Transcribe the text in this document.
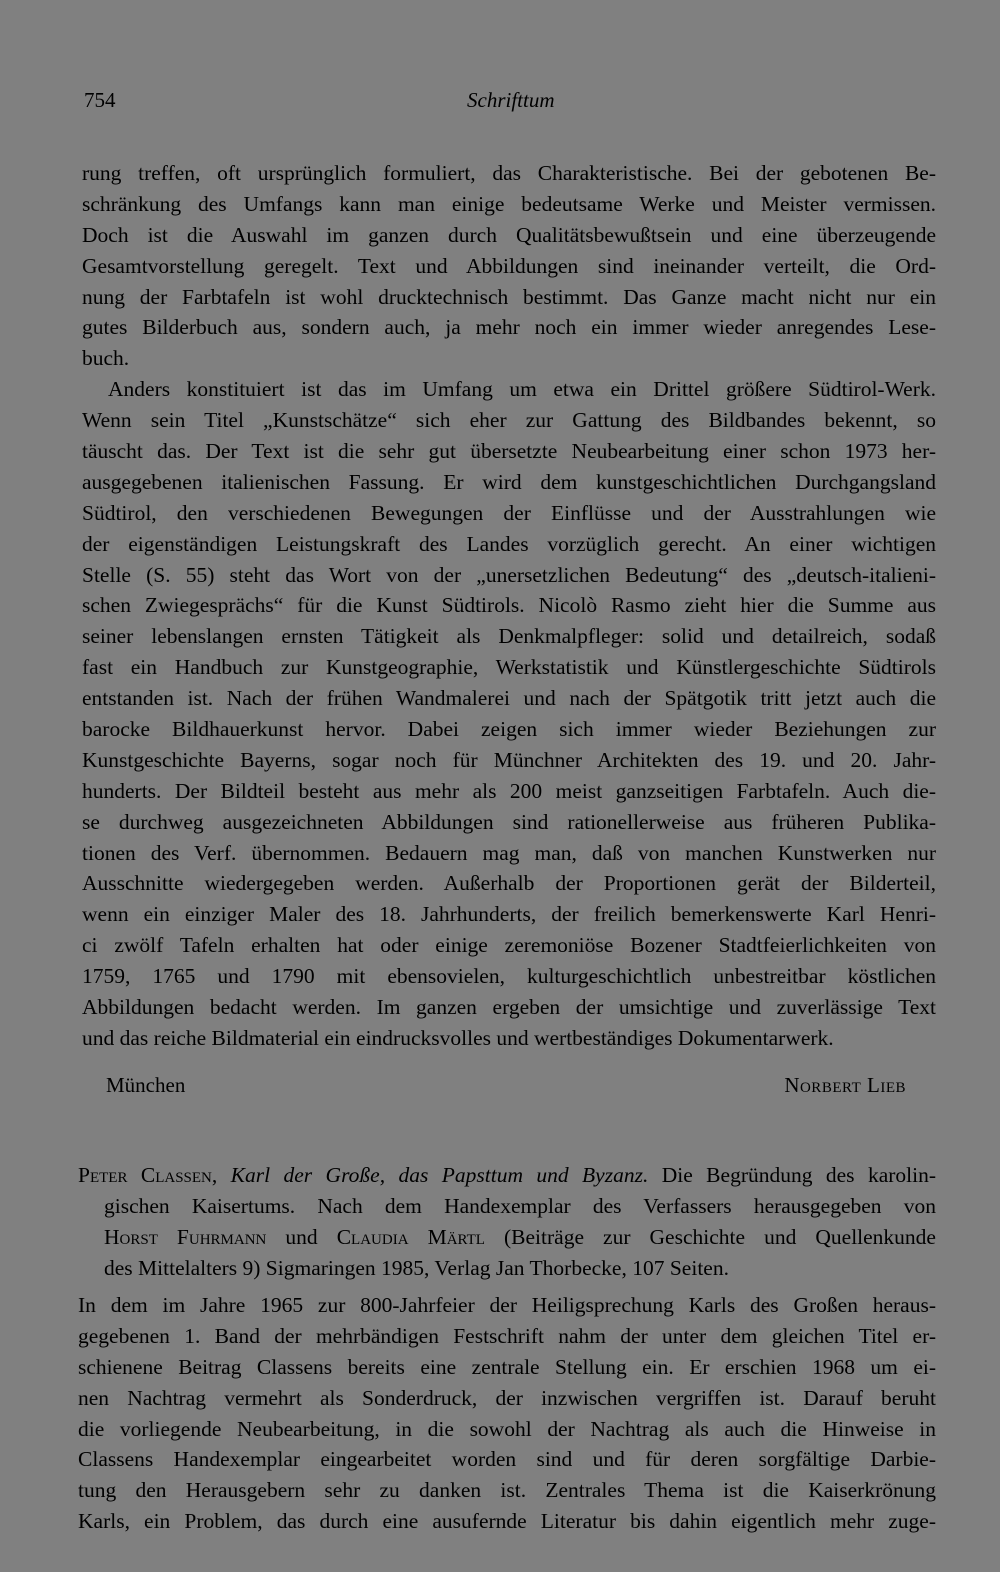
754	Schrifttum
rung treffen, oft ursprünglich formuliert, das Charakteristische. Bei der gebotenen Be-
schränkung des Umfangs kann man einige bedeutsame Werke und Meister vermissen.
Doch ist die Auswahl im ganzen durch Qualitätsbewußtsein und eine überzeugende
Gesamtvorstellung geregelt. Text und Abbildungen sind ineinander verteilt, die Ord-
nung der Farbtafeln ist wohl drucktechnisch bestimmt. Das Ganze macht nicht nur ein
gutes Bilderbuch aus, sondern auch, ja mehr noch ein immer wieder anregendes Lese-
buch.
Anders konstituiert ist das im Umfang um etwa ein Drittel größere Südtirol-Werk.
Wenn sein Titel „Kunstschätze“ sich eher zur Gattung des Bildbandes bekennt, so
täuscht das. Der Text ist die sehr gut übersetzte Neubearbeitung einer schon 1973 her-
ausgegebenen italienischen Fassung. Er wird dem kunstgeschichtlichen Durchgangsland
Südtirol, den verschiedenen Bewegungen der Einflüsse und der Ausstrahlungen wie
der eigenständigen Leistungskraft des Landes vorzüglich gerecht. An einer wichtigen
Stelle (S. 55) steht das Wort von der „unersetzlichen Bedeutung“ des „deutsch-italieni-
schen Zwiegesprächs“ für die Kunst Südtirols. Nicolò Rasmo zieht hier die Summe aus
seiner lebenslangen ernsten Tätigkeit als Denkmalpfleger: solid und detailreich, sodaß
fast ein Handbuch zur Kunstgeographie, Werkstatistik und Künstlergeschichte Südtirols
entstanden ist. Nach der frühen Wandmalerei und nach der Spätgotik tritt jetzt auch die
barocke Bildhauerkunst hervor. Dabei zeigen sich immer wieder Beziehungen zur
Kunstgeschichte Bayerns, sogar noch für Münchner Architekten des 19. und 20. Jahr-
hunderts. Der Bildteil besteht aus mehr als 200 meist ganzseitigen Farbtafeln. Auch die-
se durchweg ausgezeichneten Abbildungen sind rationellerweise aus früheren Publika-
tionen des Verf. übernommen. Bedauern mag man, daß von manchen Kunstwerken nur
Ausschnitte wiedergegeben werden. Außerhalb der Proportionen gerät der Bilderteil,
wenn ein einziger Maler des 18. Jahrhunderts, der freilich bemerkenswerte Karl Henri-
ci zwölf Tafeln erhalten hat oder einige zeremoniöse Bozener Stadtfeierlichkeiten von
1759, 1765 und 1790 mit ebensovielen, kulturgeschichtlich unbestreitbar köstlichen
Abbildungen bedacht werden. Im ganzen ergeben der umsichtige und zuverlässige Text
und das reiche Bildmaterial ein eindrucksvolles und wertbeständiges Dokumentarwerk.
München	Norbert Lieb
Peter Classen, Karl der Große, das Papsttum und Byzanz. Die Begründung des karolin-
gischen Kaisertums. Nach dem Handexemplar des Verfassers herausgegeben von
Horst Fuhrmann und Claudia Märtl (Beiträge zur Geschichte und Quellenkunde
des Mittelalters 9) Sigmaringen 1985, Verlag Jan Thorbecke, 107 Seiten.
In dem im Jahre 1965 zur 800-Jahrfeier der Heiligsprechung Karls des Großen heraus-
gegebenen 1. Band der mehrbändigen Festschrift nahm der unter dem gleichen Titel er-
schienene Beitrag Classens bereits eine zentrale Stellung ein. Er erschien 1968 um ei-
nen Nachtrag vermehrt als Sonderdruck, der inzwischen vergriffen ist. Darauf beruht
die vorliegende Neubearbeitung, in die sowohl der Nachtrag als auch die Hinweise in
Classens Handexemplar eingearbeitet worden sind und für deren sorgfältige Darbie-
tung den Herausgebern sehr zu danken ist. Zentrales Thema ist die Kaiserkrönung
Karls, ein Problem, das durch eine ausufernde Literatur bis dahin eigentlich mehr zuge-
